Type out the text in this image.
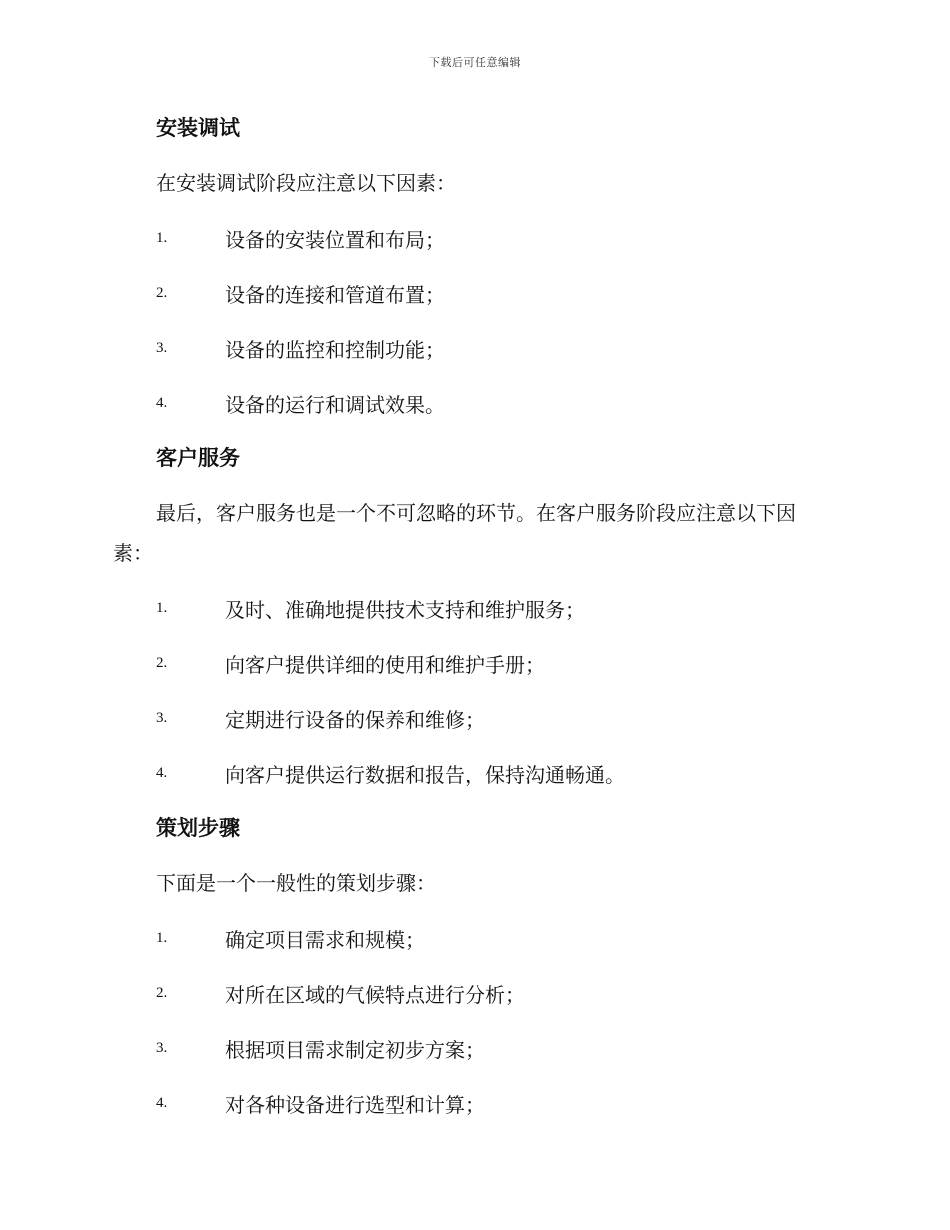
下载后可任意编辑
安装调试

在安装调试阶段应注意以下因素：

1.	设备的安装位置和布局；
2.	设备的连接和管道布置；
3.	设备的监控和控制功能；
4.	设备的运行和调试效果。
客户服务

最后，客户服务也是一个不可忽略的环节。在客户服务阶段应注意以下因素：

1.	及时、准确地提供技术支持和维护服务；
2.	向客户提供详细的使用和维护手册；
3.	定期进行设备的保养和维修；
4.	向客户提供运行数据和报告，保持沟通畅通。
策划步骤

下面是一个一般性的策划步骤：

1.	确定项目需求和规模；
2.	对所在区域的气候特点进行分析；
3.	根据项目需求制定初步方案；
4.	对各种设备进行选型和计算；
